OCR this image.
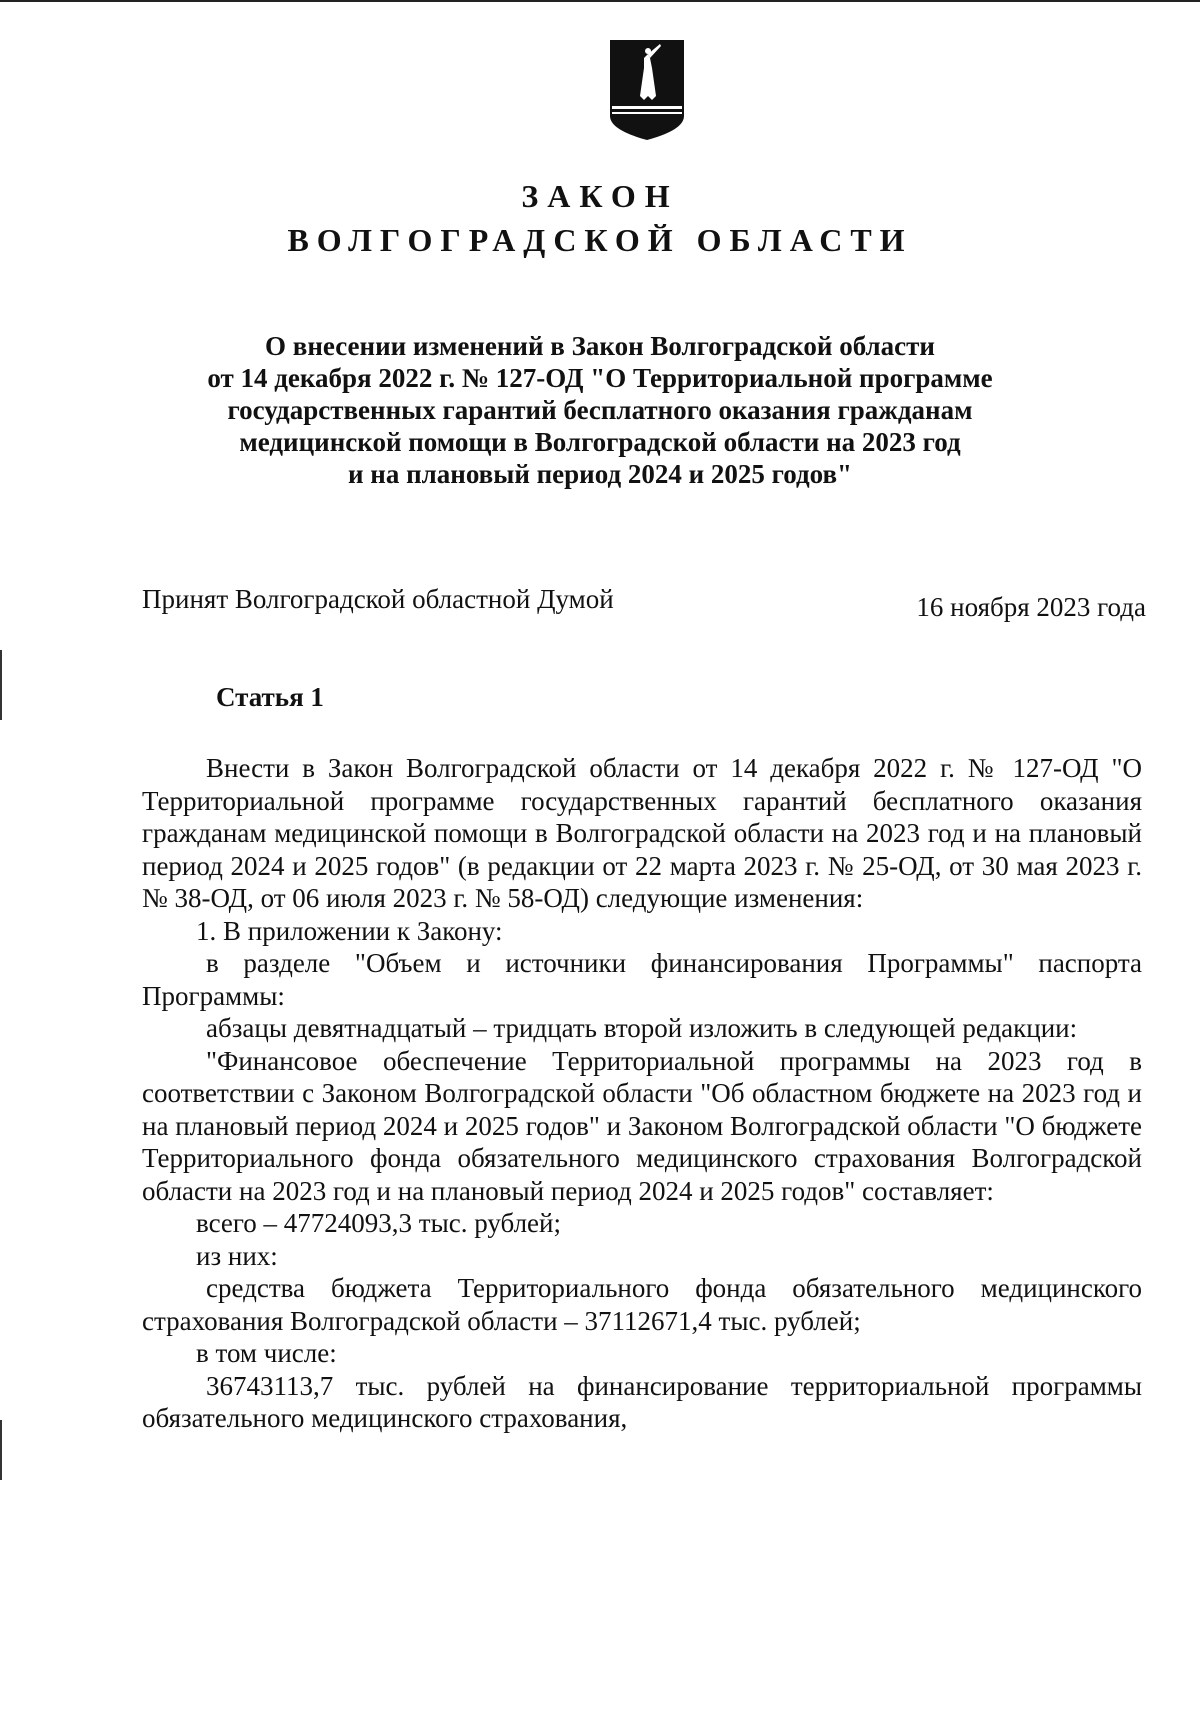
ЗАКОН
ВОЛГОГРАДСКОЙ ОБЛАСТИ
О внесении изменений в Закон Волгоградской области
от 14 декабря 2022 г. № 127-ОД "О Территориальной программе
государственных гарантий бесплатного оказания гражданам
медицинской помощи в Волгоградской области на 2023 год
и на плановый период 2024 и 2025 годов"
Принят Волгоградской областной Думой	16 ноября 2023 года
Статья 1

Внести в Закон Волгоградской области от 14 декабря 2022 г. № 127-ОД "О Территориальной программе государственных гарантий бесплатного оказания гражданам медицинской помощи в Волгоградской области на 2023 год и на плановый период 2024 и 2025 годов" (в редакции от 22 марта 2023 г. № 25-ОД, от 30 мая 2023 г. № 38-ОД, от 06 июля 2023 г. № 58-ОД) следующие изменения:

1. В приложении к Закону:

в разделе "Объем и источники финансирования Программы" паспорта Программы:

абзацы девятнадцатый – тридцать второй изложить в следующей редакции:

"Финансовое обеспечение Территориальной программы на 2023 год в соответствии с Законом Волгоградской области "Об областном бюджете на 2023 год и на плановый период 2024 и 2025 годов" и Законом Волгоградской области "О бюджете Территориального фонда обязательного медицинского страхования Волгоградской области на 2023 год и на плановый период 2024 и 2025 годов" составляет:

всего – 47724093,3 тыс. рублей;

из них:

средства бюджета Территориального фонда обязательного медицинского страхования Волгоградской области – 37112671,4 тыс. рублей;

в том числе:

36743113,7 тыс. рублей на финансирование территориальной программы обязательного медицинского страхования,
